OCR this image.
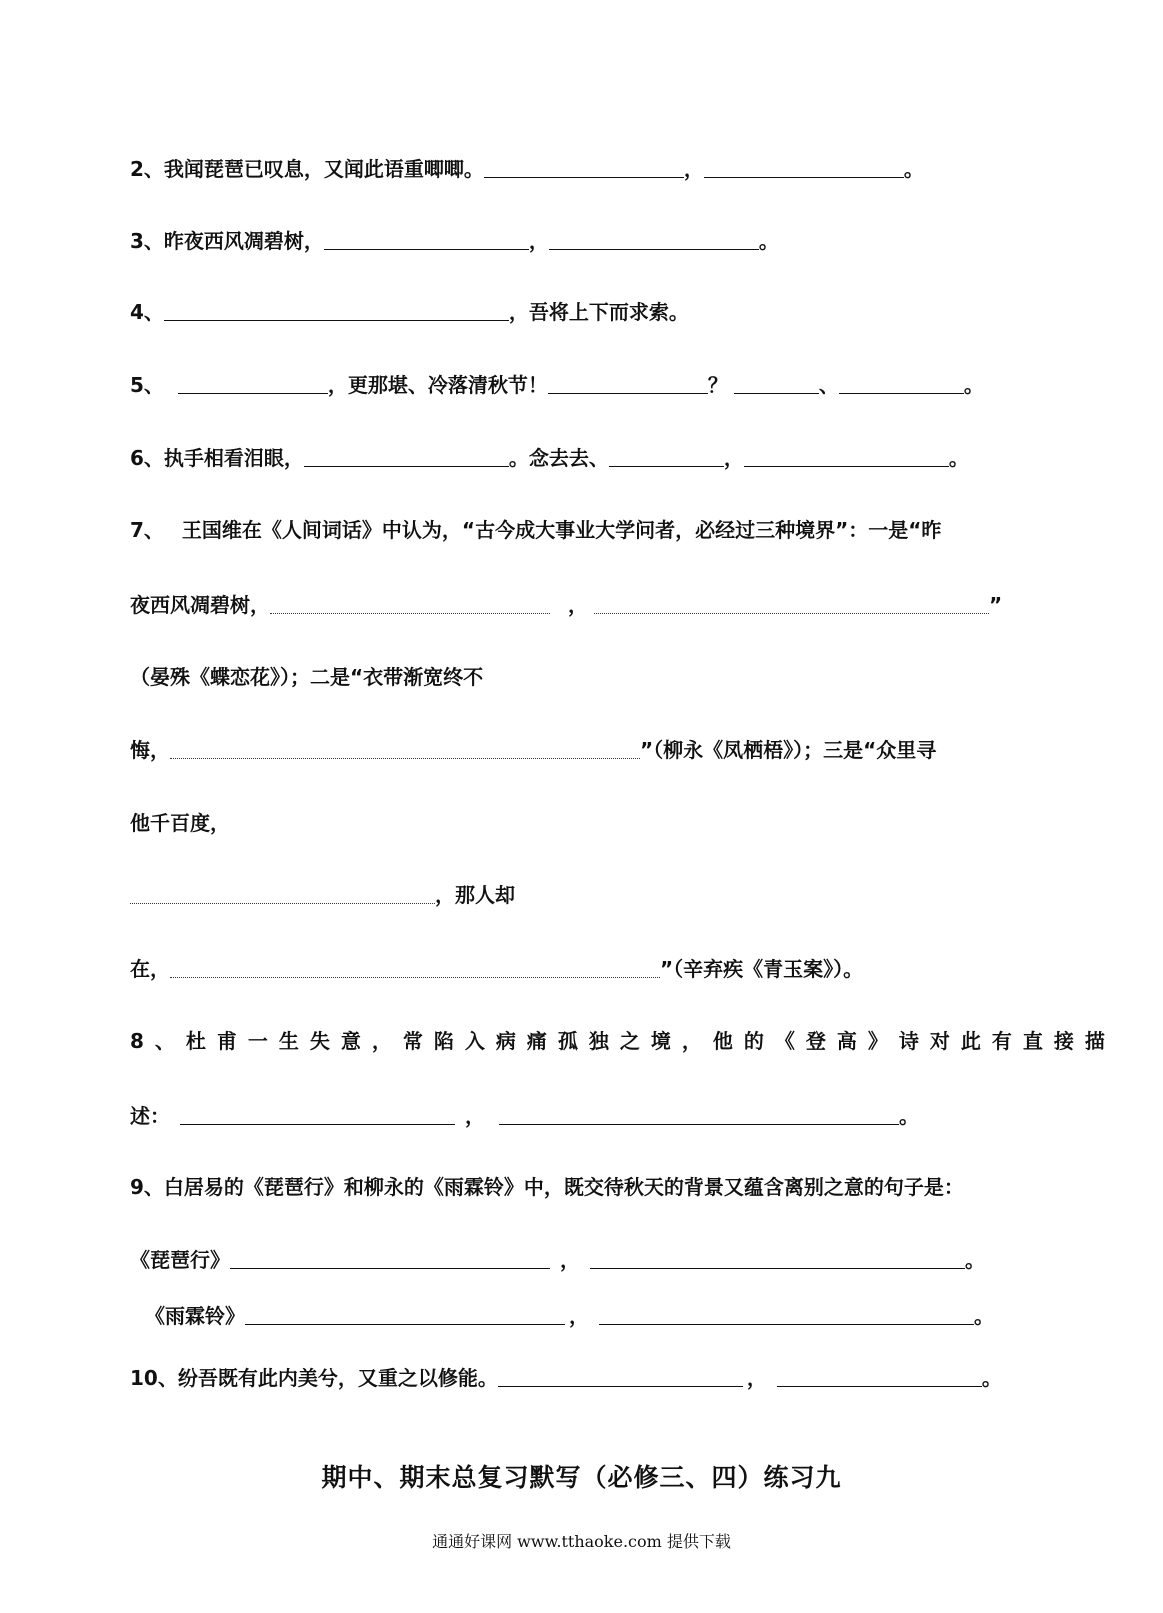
2、我闻琵琶已叹息，又闻此语重唧唧。	，	。
3、昨夜西风凋碧树，	，	。
4、	，吾将上下而求索。
5、	，更那堪、冷落清秋节！	？	、	。
6、执手相看泪眼，	。念去去、	，	。
7、 王国维在《人间词话》中认为，“古今成大事业大学问者，必经过三种境界”：一是“昨
夜西风凋碧树，	，	”
（晏殊《蝶恋花》）；二是“衣带渐宽终不
悔，	”（柳永《凤栖梧》）；三是“众里寻
他千百度，
，那人却
在，	”（辛弃疾《青玉案》）。
8、杜甫一生失意，常陷入病痛孤独之境，他的《登高》诗对此有直接描
述：	，	。
9、白居易的《琵琶行》和柳永的《雨霖铃》中，既交待秋天的背景又蕴含离别之意的句子是：
《琵琶行》	，	。
《雨霖铃》	，	。
10、纷吾既有此内美兮，又重之以修能。	，	。
期中、期末总复习默写（必修三、四）练习九
通通好课网 www.tthaoke.com 提供下载
